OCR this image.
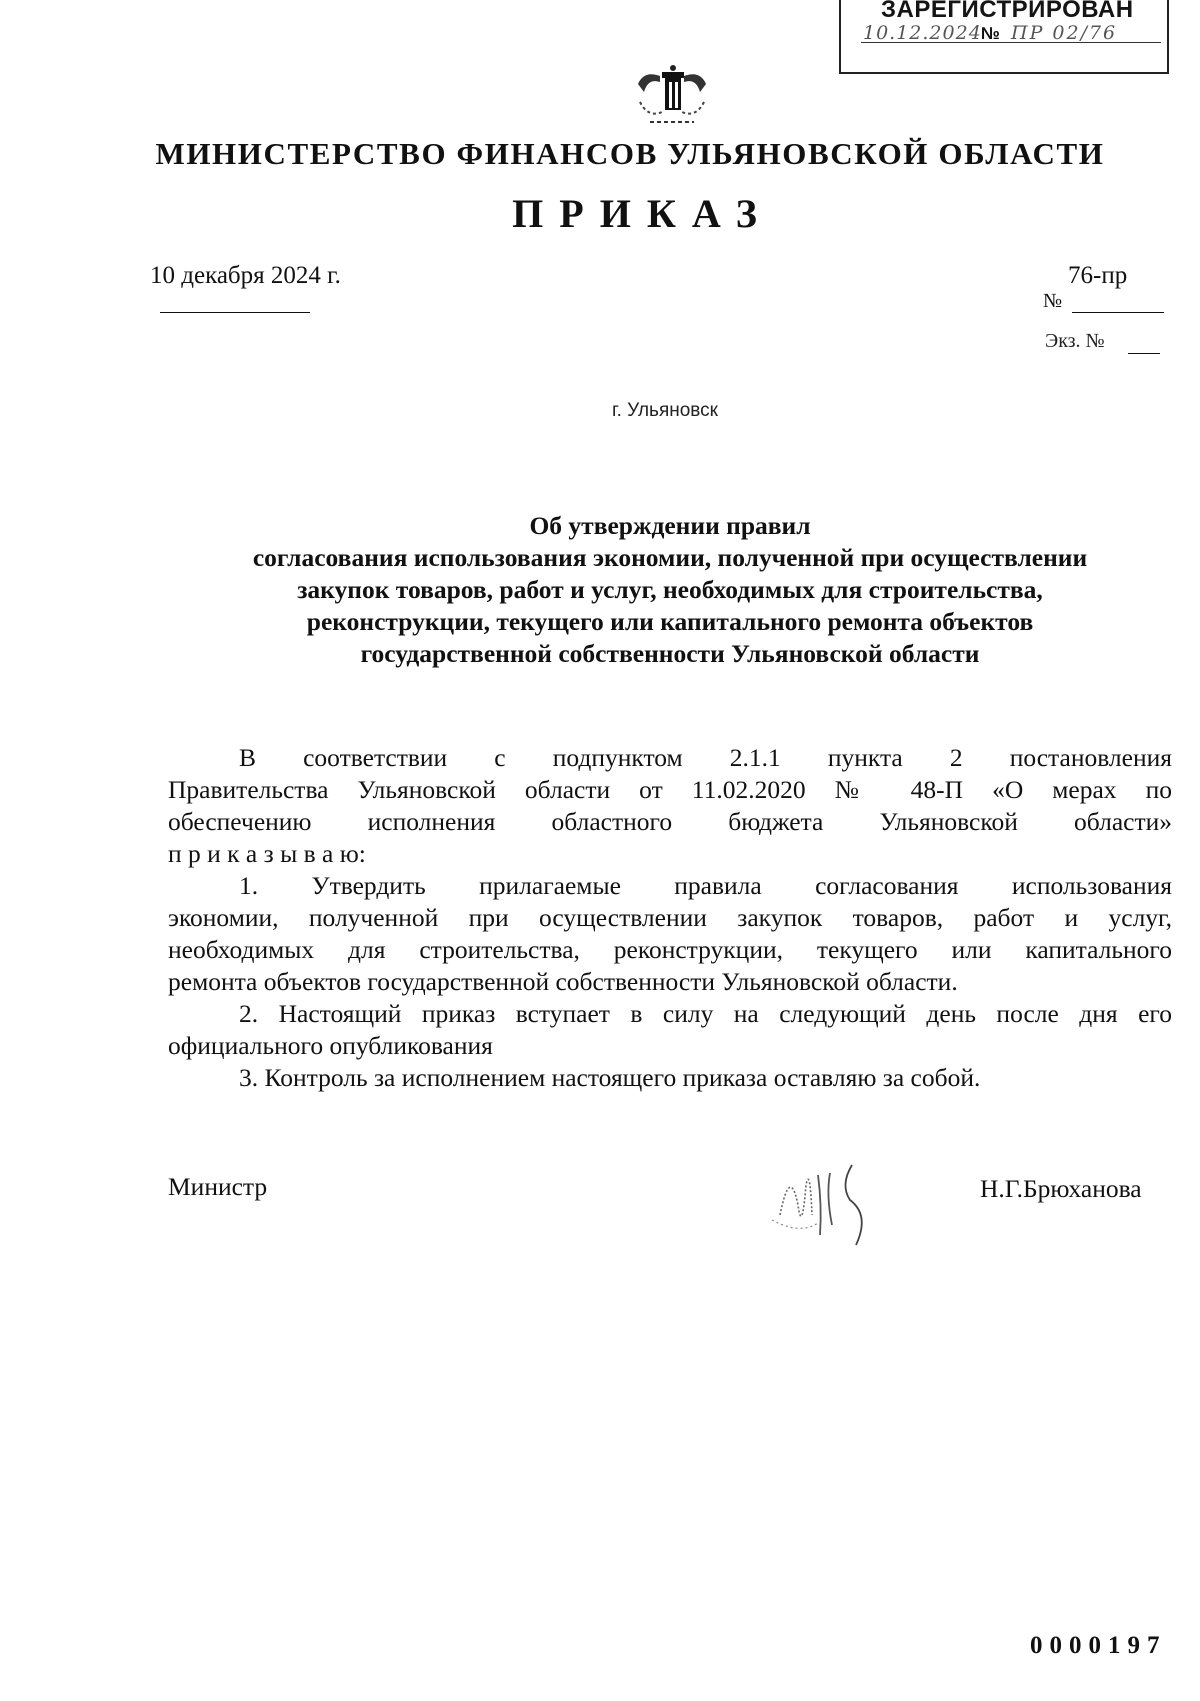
ЗАРЕГИСТРИРОВАН
10.12.2024 № ПР 02/76
МИНИСТЕРСТВО ФИНАНСОВ УЛЬЯНОВСКОЙ ОБЛАСТИ
ПРИКАЗ
10 декабря 2024 г.	76-пр
№
Экз. №
г. Ульяновск
Об утверждении правил
согласования использования экономии, полученной при осуществлении
закупок товаров, работ и услуг, необходимых для строительства,
реконструкции, текущего или капитального ремонта объектов
государственной собственности Ульяновской области

В соответствии с подпунктом 2.1.1 пункта 2 постановления

Правительства Ульяновской области от 11.02.2020 № 48-П «О мерах по

обеспечению исполнения областного бюджета Ульяновской области»

п р и к а з ы в а ю:

1. Утвердить прилагаемые правила согласования использования

экономии, полученной при осуществлении закупок товаров, работ и услуг,

необходимых для строительства, реконструкции, текущего или капитального

ремонта объектов государственной собственности Ульяновской области.

2. Настоящий приказ вступает в силу на следующий день после дня его

официального опубликования

3. Контроль за исполнением настоящего приказа оставляю за собой.

Министр	Н.Г.Брюханова
0000197
